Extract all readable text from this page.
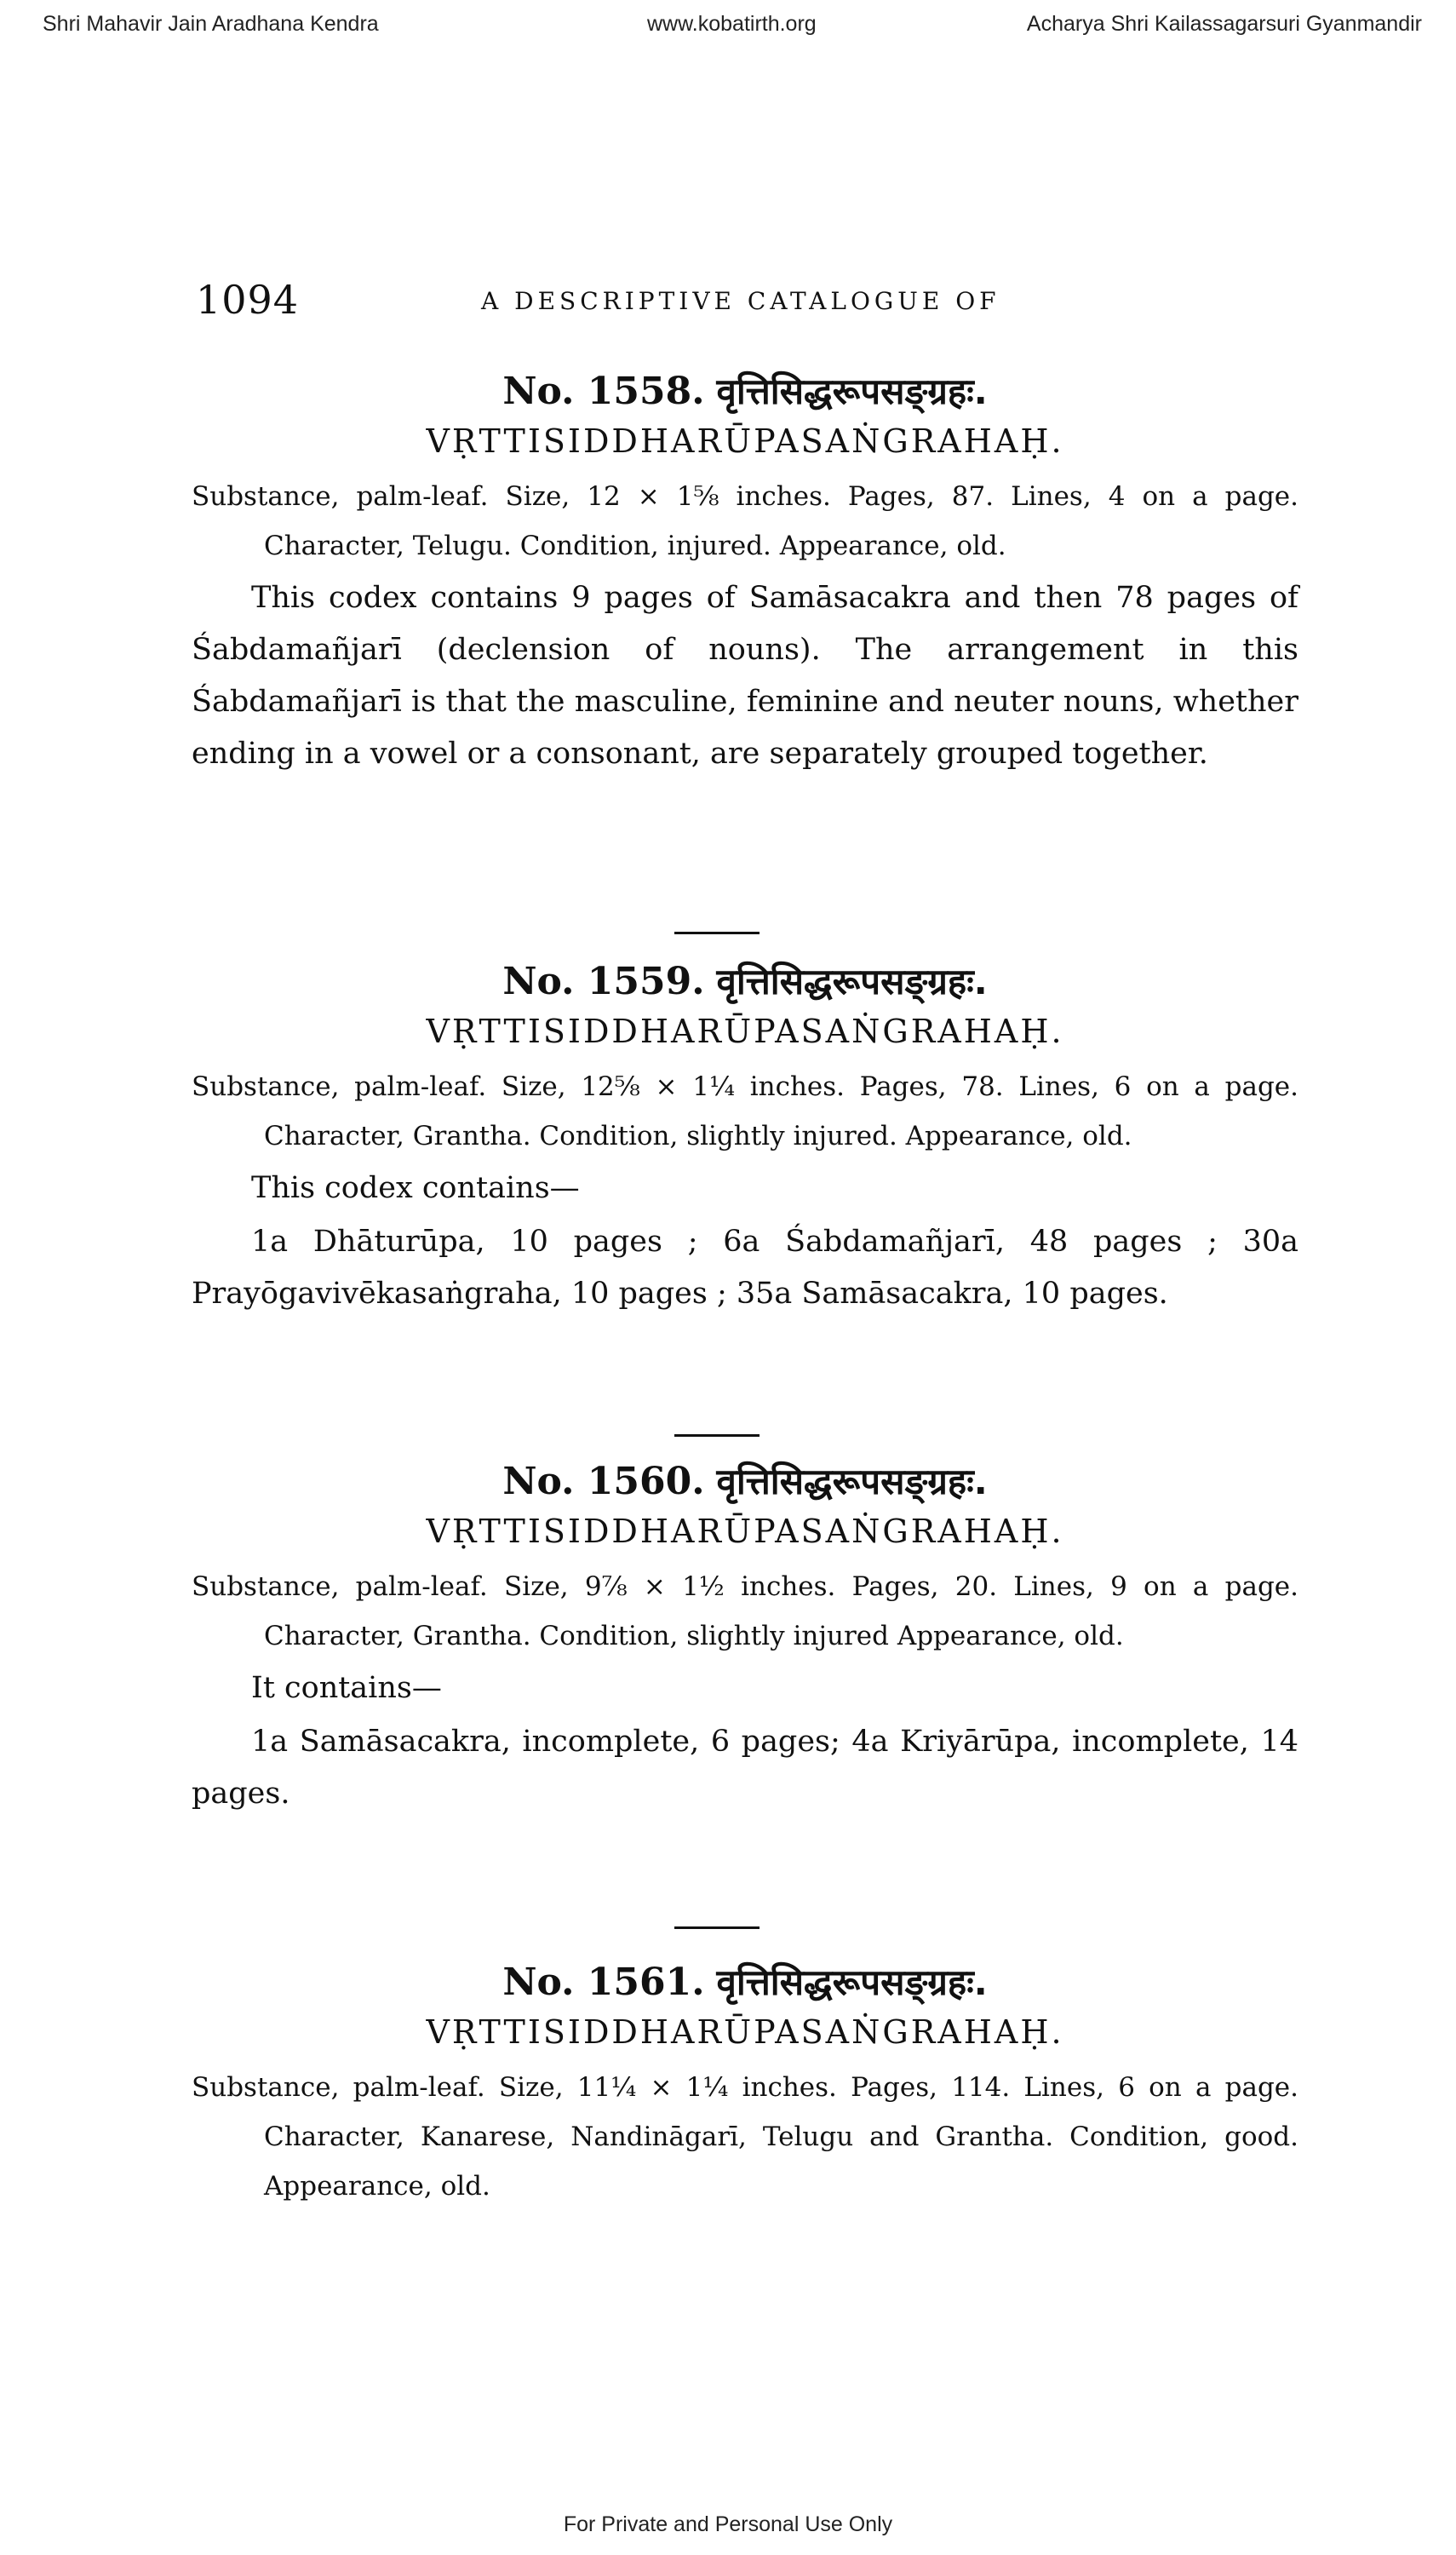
Shri Mahavir Jain Aradhana Kendra	www.kobatirth.org	Acharya Shri Kailassagarsuri Gyanmandir
1094	A DESCRIPTIVE CATALOGUE OF
No. 1558. वृत्तिसिद्धरूपसङ्ग्रहः.
VṚTTISIDDHARŪPASAṄGRAHAḤ.

Substance, palm-leaf. Size, 12 × 1⅝ inches. Pages, 87. Lines, 4 on a page. Character, Telugu. Condition, injured. Appearance, old.

This codex contains 9 pages of Samāsacakra and then 78 pages of Śabdamañjarī (declension of nouns). The arrangement in this Śabdamañjarī is that the masculine, feminine and neuter nouns, whether ending in a vowel or a consonant, are separately grouped together.

No. 1559. वृत्तिसिद्धरूपसङ्ग्रहः.
VṚTTISIDDHARŪPASAṄGRAHAḤ.

Substance, palm-leaf. Size, 12⅝ × 1¼ inches. Pages, 78. Lines, 6 on a page. Character, Grantha. Condition, slightly injured. Appearance, old.

This codex contains—

1a Dhāturūpa, 10 pages ; 6a Śabdamañjarī, 48 pages ; 30a Prayōgavivēkasaṅgraha, 10 pages ; 35a Samāsacakra, 10 pages.

No. 1560. वृत्तिसिद्धरूपसङ्ग्रहः.
VṚTTISIDDHARŪPASAṄGRAHAḤ.

Substance, palm-leaf. Size, 9⅞ × 1½ inches. Pages, 20. Lines, 9 on a page. Character, Grantha. Condition, slightly injured Appearance, old.

It contains—

1a Samāsacakra, incomplete, 6 pages; 4a Kriyārūpa, incomplete, 14 pages.

No. 1561. वृत्तिसिद्धरूपसङ्ग्रहः.
VṚTTISIDDHARŪPASAṄGRAHAḤ.

Substance, palm-leaf. Size, 11¼ × 1¼ inches. Pages, 114. Lines, 6 on a page. Character, Kanarese, Nandināgarī, Telugu and Grantha. Condition, good. Appearance, old.

For Private and Personal Use Only
